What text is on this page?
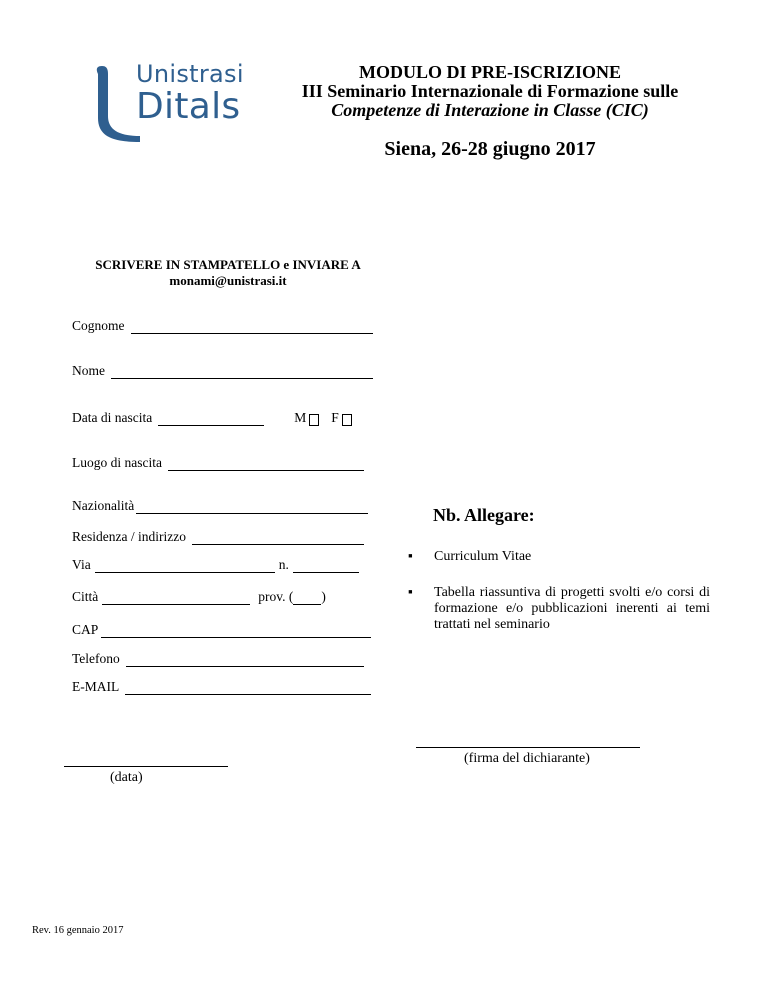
Unistrasi
Ditals
MODULO DI PRE-ISCRIZIONE
III Seminario Internazionale di Formazione sulle
Competenze di Interazione in Classe (CIC)
Siena, 26-28 giugno 2017
SCRIVERE IN STAMPATELLO e INVIARE A
monami@unistrasi.it
Cognome
Nome
Data di nascita	M F
Luogo di nascita
Nazionalità
Residenza / indirizzo
Via	n.
Città	prov. ( )
CAP
Telefono
E-MAIL
Nb. Allegare:
▪ Curriculum Vitae
▪ Tabella riassuntiva di progetti svolti e/o corsi di formazione e/o pubblicazioni inerenti ai temi trattati nel seminario
(data)
(firma del dichiarante)
Rev. 16 gennaio 2017
